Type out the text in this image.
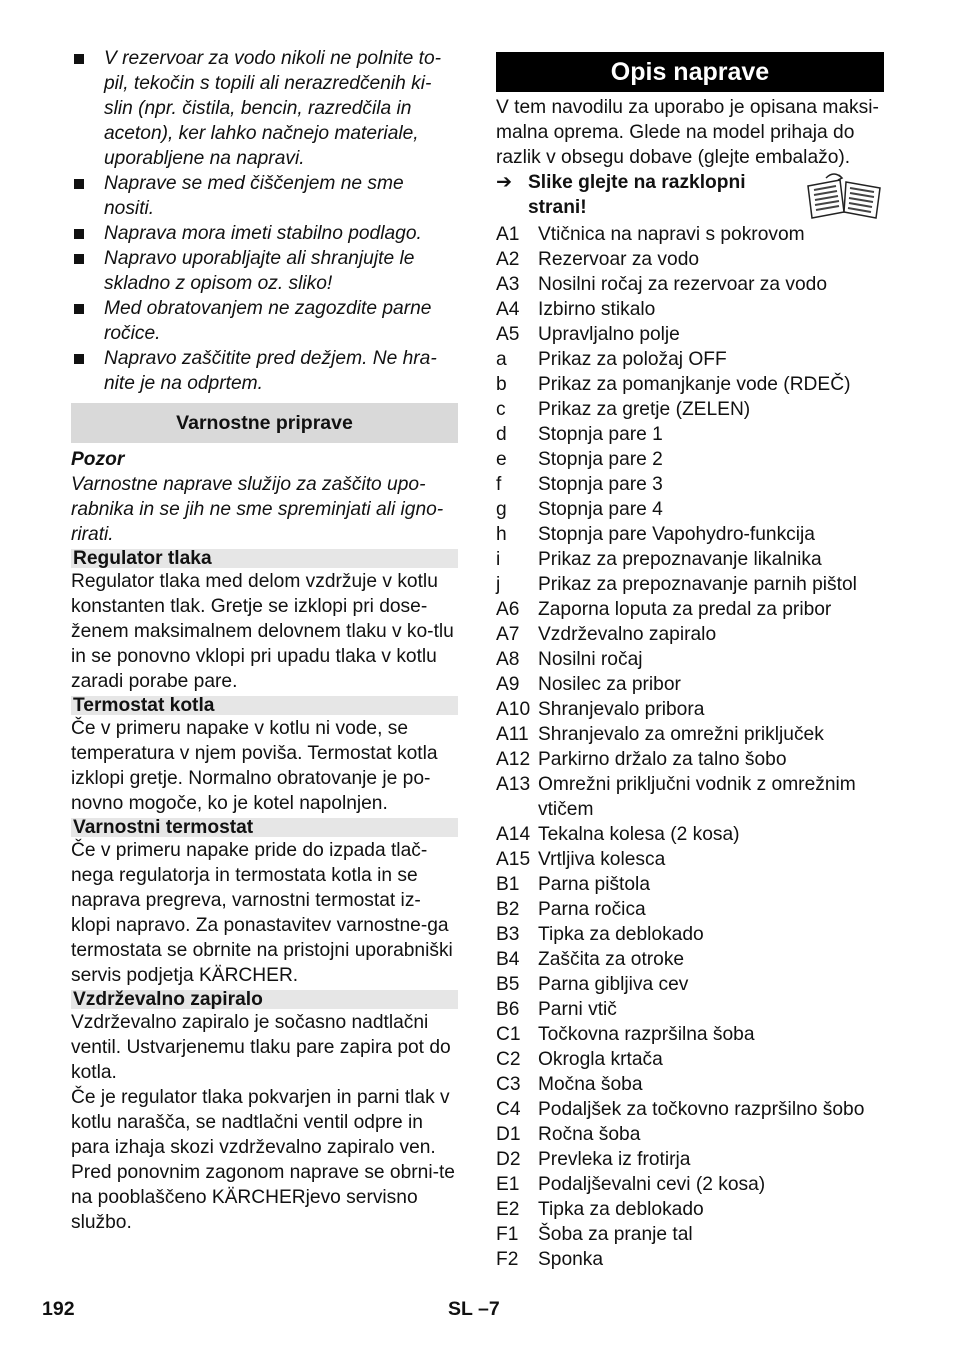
V rezervoar za vodo nikoli ne polnite to-pil, tekočin s topili ali nerazredčenih ki-slin (npr. čistila, bencin, razredčila in aceton), ker lahko načnejo materiale, uporabljene na napravi.
Naprave se med čiščenjem ne sme nositi.
Naprava mora imeti stabilno podlago.
Napravo uporabljajte ali shranjujte le skladno z opisom oz. sliko!
Med obratovanjem ne zagozdite parne ročice.
Napravo zaščitite pred dežjem. Ne hra-nite je na odprtem.
Varnostne priprave
Pozor
Varnostne naprave služijo za zaščito upo-rabnika in se jih ne sme spreminjati ali igno-rirati.
Regulator tlaka

Regulator tlaka med delom vzdržuje v kotlu konstanten tlak. Gretje se izklopi pri dose-ženem maksimalnem delovnem tlaku v ko-tlu in se ponovno vklopi pri upadu tlaka v kotlu zaradi porabe pare.

Termostat kotla

Če v primeru napake v kotlu ni vode, se temperatura v njem poviša. Termostat kotla izklopi gretje. Normalno obratovanje je po-novno mogoče, ko je kotel napolnjen.

Varnostni termostat

Če v primeru napake pride do izpada tlač-nega regulatorja in termostata kotla in se naprava pregreva, varnostni termostat iz-klopi napravo. Za ponastavitev varnostne-ga termostata se obrnite na pristojni uporabniški servis podjetja KÄRCHER.

Vzdrževalno zapiralo

Vzdrževalno zapiralo je sočasno nadtlačni ventil. Ustvarjenemu tlaku pare zapira pot do kotla.

Če je regulator tlaka pokvarjen in parni tlak v kotlu narašča, se nadtlačni ventil odpre in para izhaja skozi vzdrževalno zapiralo ven. Pred ponovnim zagonom naprave se obrni-te na pooblaščeno KÄRCHERjevo servisno službo.

Opis naprave
V tem navodilu za uporabo je opisana maksi-malna oprema. Glede na model prihaja do razlik v obsegu dobave (glejte embalažo).
➔ Slike glejte na razklopni strani!
A1 Vtičnica na napravi s pokrovom
A2 Rezervoar za vodo
A3 Nosilni ročaj za rezervoar za vodo
A4 Izbirno stikalo
A5 Upravljalno polje
a Prikaz za položaj OFF
b Prikaz za pomanjkanje vode (RDEČ)
c Prikaz za gretje (ZELEN)
d Stopnja pare 1
e Stopnja pare 2
f Stopnja pare 3
g Stopnja pare 4
h Stopnja pare Vapohydro-funkcija
i Prikaz za prepoznavanje likalnika
j Prikaz za prepoznavanje parnih pištol
A6 Zaporna loputa za predal za pribor
A7 Vzdrževalno zapiralo
A8 Nosilni ročaj
A9 Nosilec za pribor
A10 Shranjevalo pribora
A11 Shranjevalo za omrežni priključek
A12 Parkirno držalo za talno šobo
A13 Omrežni priključni vodnik z omrežnim vtičem
A14 Tekalna kolesa (2 kosa)
A15 Vrtljiva kolesca
B1 Parna pištola
B2 Parna ročica
B3 Tipka za deblokado
B4 Zaščita za otroke
B5 Parna gibljiva cev
B6 Parni vtič
C1 Točkovna razpršilna šoba
C2 Okrogla krtača
C3 Močna šoba
C4 Podaljšek za točkovno razpršilno šobo
D1 Ročna šoba
D2 Prevleka iz frotirja
E1 Podaljševalni cevi (2 kosa)
E2 Tipka za deblokado
F1 Šoba za pranje tal
F2 Sponka
192	SL –7
